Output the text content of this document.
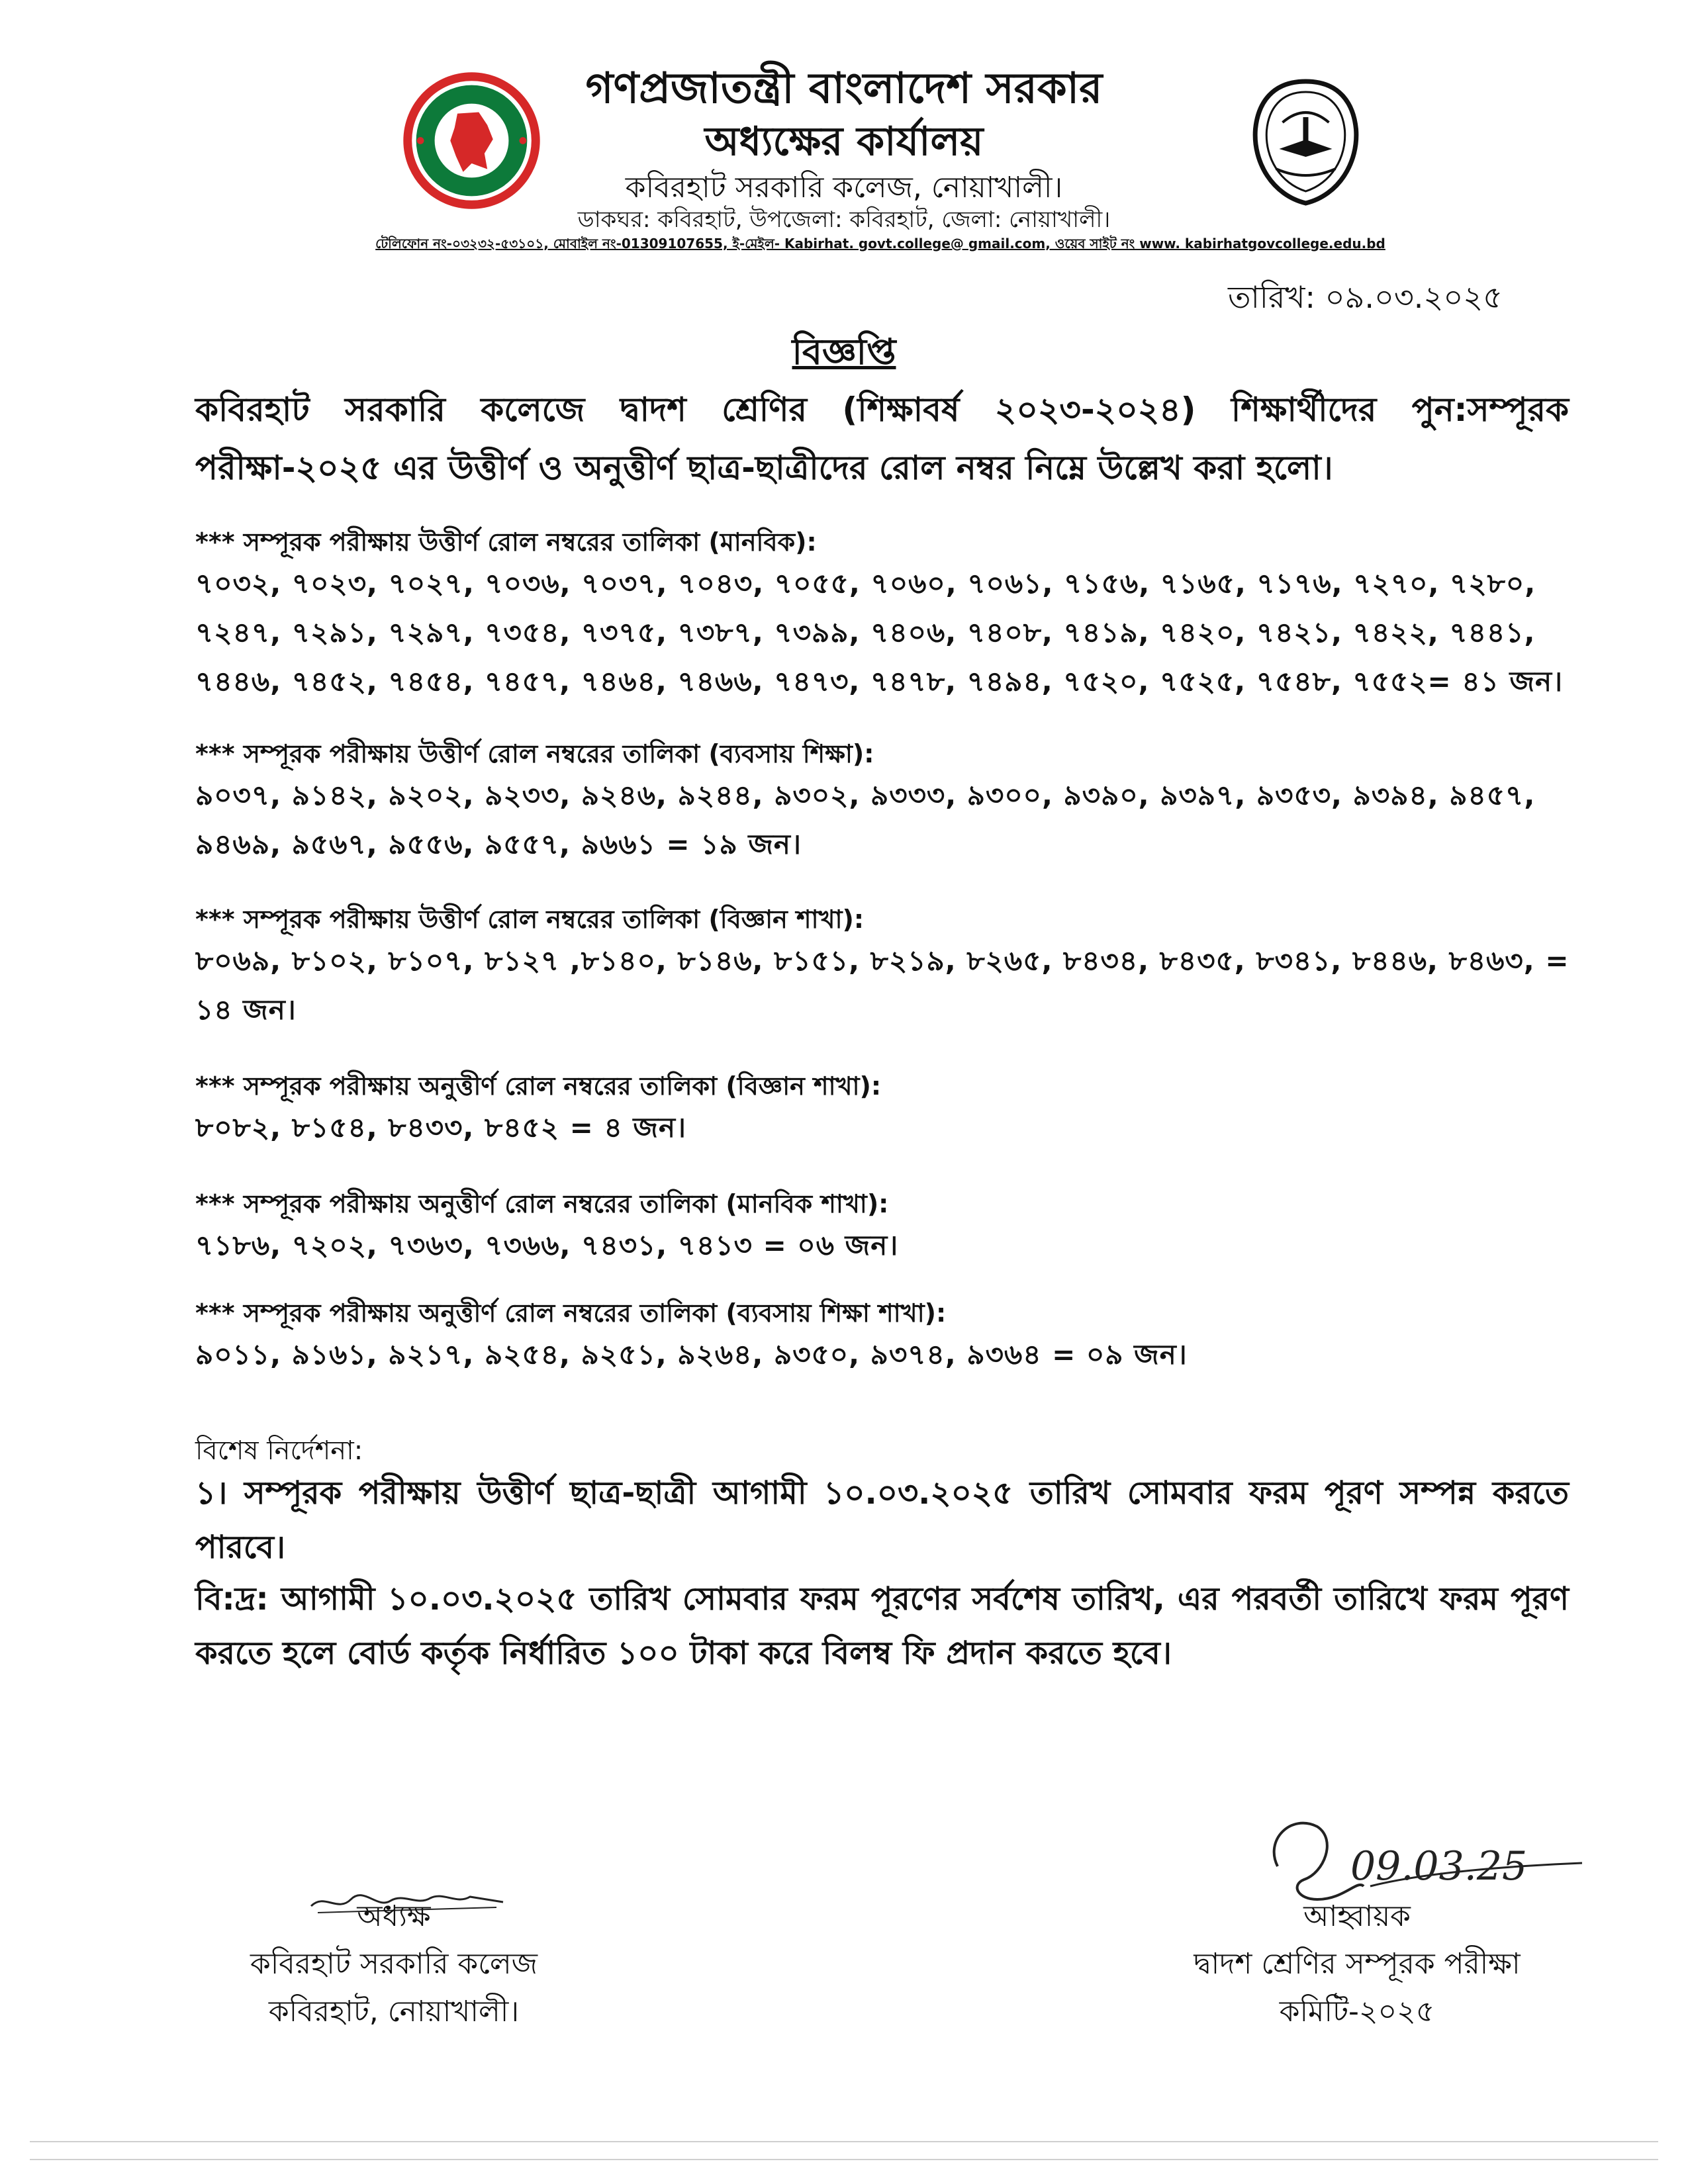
গণপ্রজাতন্ত্রী বাংলাদেশ সরকার
অধ্যক্ষের কার্যালয়
কবিরহাট সরকারি কলেজ, নোয়াখালী।
ডাকঘর: কবিরহাট, উপজেলা: কবিরহাট, জেলা: নোয়াখালী।
টেলিফোন নং-০৩২৩২-৫৩১০১, মোবাইল নং-01309107655, ই-মেইল- Kabirhat. govt.college@ gmail.com, ওয়েব সাইট নং www. kabirhatgovcollege.edu.bd
তারিখ: ০৯.০৩.২০২৫
বিজ্ঞপ্তি
কবিরহাট সরকারি কলেজে দ্বাদশ শ্রেণির (শিক্ষাবর্ষ ২০২৩-২০২৪) শিক্ষার্থীদের পুন:সম্পূরক পরীক্ষা-২০২৫ এর উত্তীর্ণ ও অনুত্তীর্ণ ছাত্র-ছাত্রীদের রোল নম্বর নিম্নে উল্লেখ করা হলো।
*** সম্পূরক পরীক্ষায় উত্তীর্ণ রোল নম্বরের তালিকা (মানবিক):
৭০৩২, ৭০২৩, ৭০২৭, ৭০৩৬, ৭০৩৭, ৭০৪৩, ৭০৫৫, ৭০৬০, ৭০৬১, ৭১৫৬, ৭১৬৫, ৭১৭৬, ৭২৭০, ৭২৮০, ৭২৪৭, ৭২৯১, ৭২৯৭, ৭৩৫৪, ৭৩৭৫, ৭৩৮৭, ৭৩৯৯, ৭৪০৬, ৭৪০৮, ৭৪১৯, ৭৪২০, ৭৪২১, ৭৪২২, ৭৪৪১, ৭৪৪৬, ৭৪৫২, ৭৪৫৪, ৭৪৫৭, ৭৪৬৪, ৭৪৬৬, ৭৪৭৩, ৭৪৭৮, ৭৪৯৪, ৭৫২০, ৭৫২৫, ৭৫৪৮, ৭৫৫২= ৪১ জন।
*** সম্পূরক পরীক্ষায় উত্তীর্ণ রোল নম্বরের তালিকা (ব্যবসায় শিক্ষা):
৯০৩৭, ৯১৪২, ৯২০২, ৯২৩৩, ৯২৪৬, ৯২৪৪, ৯৩০২, ৯৩৩৩, ৯৩০০, ৯৩৯০, ৯৩৯৭, ৯৩৫৩, ৯৩৯৪, ৯৪৫৭, ৯৪৬৯, ৯৫৬৭, ৯৫৫৬, ৯৫৫৭, ৯৬৬১ = ১৯ জন।
*** সম্পূরক পরীক্ষায় উত্তীর্ণ রোল নম্বরের তালিকা (বিজ্ঞান শাখা):
৮০৬৯, ৮১০২, ৮১০৭, ৮১২৭ ,৮১৪০, ৮১৪৬, ৮১৫১, ৮২১৯, ৮২৬৫, ৮৪৩৪, ৮৪৩৫, ৮৩৪১, ৮৪৪৬, ৮৪৬৩, = ১৪ জন।
*** সম্পূরক পরীক্ষায় অনুত্তীর্ণ রোল নম্বরের তালিকা (বিজ্ঞান শাখা):
৮০৮২, ৮১৫৪, ৮৪৩৩, ৮৪৫২ = ৪ জন।
*** সম্পূরক পরীক্ষায় অনুত্তীর্ণ রোল নম্বরের তালিকা (মানবিক শাখা):
৭১৮৬, ৭২০২, ৭৩৬৩, ৭৩৬৬, ৭৪৩১, ৭৪১৩ = ০৬ জন।
*** সম্পূরক পরীক্ষায় অনুত্তীর্ণ রোল নম্বরের তালিকা (ব্যবসায় শিক্ষা শাখা):
৯০১১, ৯১৬১, ৯২১৭, ৯২৫৪, ৯২৫১, ৯২৬৪, ৯৩৫০, ৯৩৭৪, ৯৩৬৪ = ০৯ জন।
বিশেষ নির্দেশনা:
১। সম্পূরক পরীক্ষায় উত্তীর্ণ ছাত্র-ছাত্রী আগামী ১০.০৩.২০২৫ তারিখ সোমবার ফরম পূরণ সম্পন্ন করতে পারবে।
বি:দ্র: আগামী ১০.০৩.২০২৫ তারিখ সোমবার ফরম পূরণের সর্বশেষ তারিখ, এর পরবর্তী তারিখে ফরম পূরণ করতে হলে বোর্ড কর্তৃক নির্ধারিত ১০০ টাকা করে বিলম্ব ফি প্রদান করতে হবে।
অধ্যক্ষ
কবিরহাট সরকারি কলেজ
কবিরহাট, নোয়াখালী।
09.03.25
আহ্বায়ক
দ্বাদশ শ্রেণির সম্পূরক পরীক্ষা
কমিটি-২০২৫
